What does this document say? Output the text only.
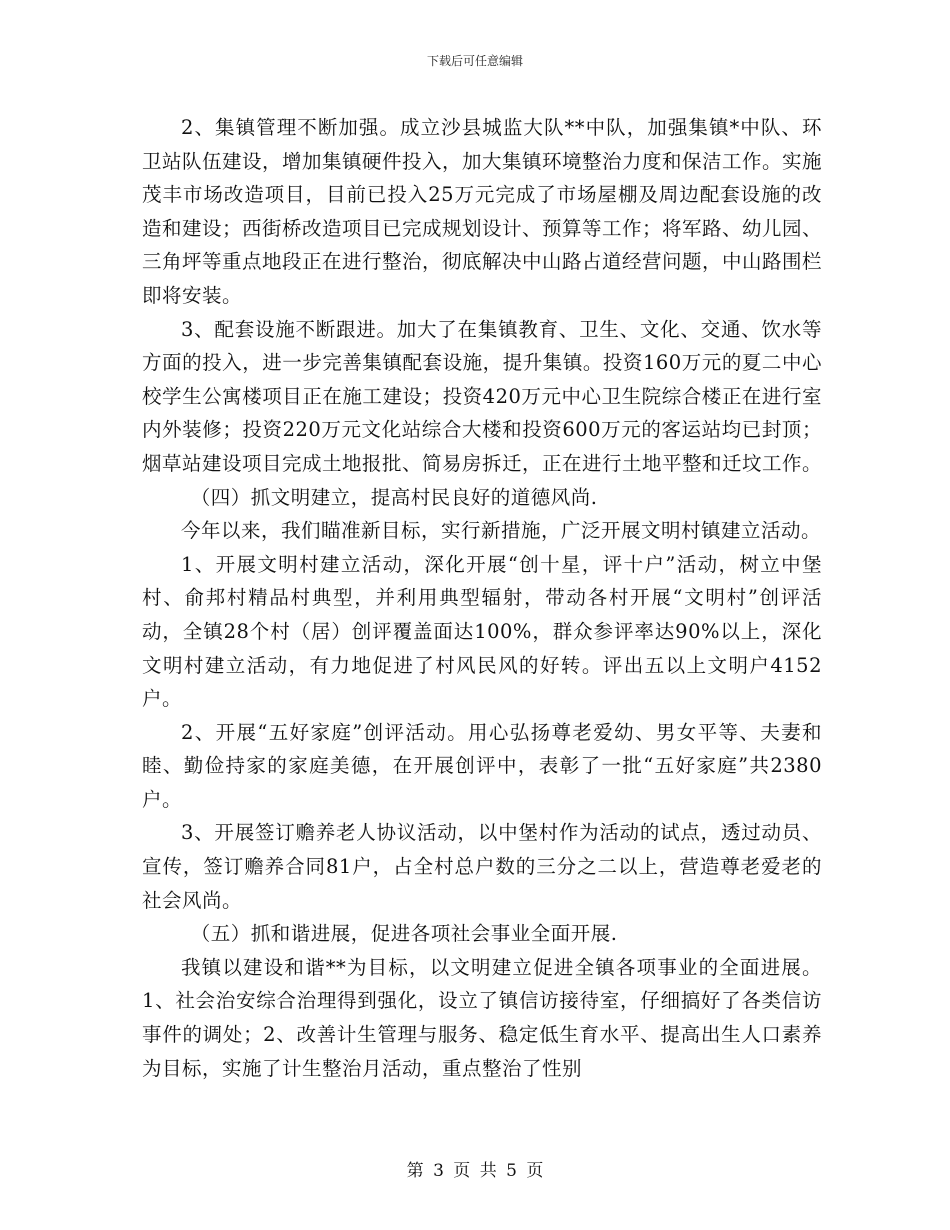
下载后可任意编辑

2、集镇管理不断加强。成立沙县城监大队**中队，加强集镇*中队、环卫站队伍建设，增加集镇硬件投入，加大集镇环境整治力度和保洁工作。实施茂丰市场改造项目，目前已投入25万元完成了市场屋棚及周边配套设施的改造和建设；西街桥改造项目已完成规划设计、预算等工作；将军路、幼儿园、三角坪等重点地段正在进行整治，彻底解决中山路占道经营问题，中山路围栏即将安装。

3、配套设施不断跟进。加大了在集镇教育、卫生、文化、交通、饮水等方面的投入，进一步完善集镇配套设施，提升集镇。投资160万元的夏二中心校学生公寓楼项目正在施工建设；投资420万元中心卫生院综合楼正在进行室内外装修；投资220万元文化站综合大楼和投资600万元的客运站均已封顶；烟草站建设项目完成土地报批、简易房拆迁，正在进行土地平整和迁坟工作。

（四）抓文明建立，提高村民良好的道德风尚.

今年以来，我们瞄准新目标，实行新措施，广泛开展文明村镇建立活动。

1、开展文明村建立活动，深化开展“创十星，评十户”活动，树立中堡村、俞邦村精品村典型，并利用典型辐射，带动各村开展“文明村”创评活动，全镇28个村（居）创评覆盖面达100%，群众参评率达90%以上，深化文明村建立活动，有力地促进了村风民风的好转。评出五以上文明户4152户。

2、开展“五好家庭”创评活动。用心弘扬尊老爱幼、男女平等、夫妻和睦、勤俭持家的家庭美德，在开展创评中，表彰了一批“五好家庭”共2380户。

3、开展签订赡养老人协议活动，以中堡村作为活动的试点，透过动员、宣传，签订赡养合同81户，占全村总户数的三分之二以上，营造尊老爱老的社会风尚。

（五）抓和谐进展，促进各项社会事业全面开展.

我镇以建设和谐**为目标，以文明建立促进全镇各项事业的全面进展。1、社会治安综合治理得到强化，设立了镇信访接待室，仔细搞好了各类信访事件的调处；2、改善计生管理与服务、稳定低生育水平、提高出生人口素养为目标，实施了计生整治月活动，重点整治了性别

第 3 页 共 5 页
